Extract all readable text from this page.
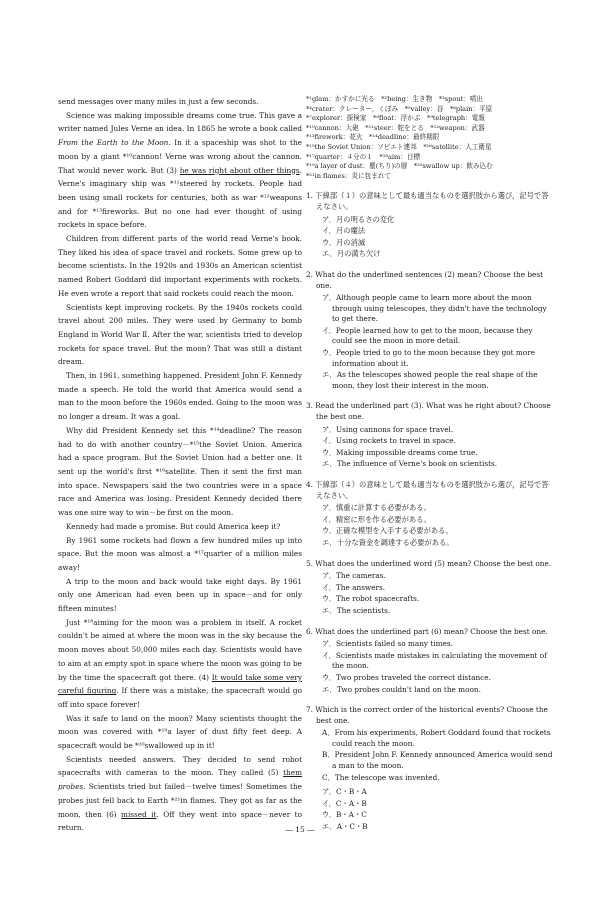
send messages over many miles in just a few seconds.

Science was making impossible dreams come true. This gave a writer named Jules Verne an idea. In 1865 he wrote a book called From the Earth to the Moon. In it a spaceship was shot to the moon by a giant *¹⁰cannon! Verne was wrong about the cannon. That would never work. But (3) he was right about other things. Verne's imaginary ship was *¹¹steered by rockets. People had been using small rockets for centuries, both as war *¹²weapons and for *¹³fireworks. But no one had ever thought of using rockets in space before.

Children from different parts of the world read Verne's book. They liked his idea of space travel and rockets. Some grew up to become scientists. In the 1920s and 1930s an American scientist named Robert Goddard did important experiments with rockets. He even wrote a report that said rockets could reach the moon.

Scientists kept improving rockets. By the 1940s rockets could travel about 200 miles. They were used by Germany to bomb England in World War Ⅱ. After the war, scientists tried to develop rockets for space travel. But the moon? That was still a distant dream.

Then, in 1961, something happened. President John F. Kennedy made a speech. He told the world that America would send a man to the moon before the 1960s ended. Going to the moon was no longer a dream. It was a goal.

Why did President Kennedy set this *¹⁴deadline? The reason had to do with another country－*¹⁵the Soviet Union. America had a space program. But the Soviet Union had a better one. It sent up the world's first *¹⁶satellite. Then it sent the first man into space. Newspapers said the two countries were in a space race and America was losing. President Kennedy decided there was one sure way to win－be first on the moon.

Kennedy had made a promise. But could America keep it?

By 1961 some rockets had flown a few hundred miles up into space. But the moon was almost a *¹⁷quarter of a million miles away!

A trip to the moon and back would take eight days. By 1961 only one American had even been up in space－and for only fifteen minutes!

Just *¹⁸aiming for the moon was a problem in itself. A rocket couldn't be aimed at where the moon was in the sky because the moon moves about 50,000 miles each day. Scientists would have to aim at an empty spot in space where the moon was going to be by the time the spacecraft got there. (4) It would take some very careful figuring. If there was a mistake, the spacecraft would go off into space forever!

Was it safe to land on the moon? Many scientists thought the moon was covered with *¹⁹a layer of dust fifty feet deep. A spacecraft would be *²⁰swallowed up in it!

Scientists needed answers. They decided to send robot spacecrafts with cameras to the moon. They called (5) them probes. Scientists tried but failed－twelve times! Sometimes the probes just fell back to Earth *²¹in flames. They got as far as the moon, then (6) missed it. Off they went into space－never to return.

*¹glam：かすかに光る　*²being：生き物　*³spout：噴出
*⁴crater：クレーター，くぼみ　*⁵valley：谷　*⁶plain：平原
*⁷explorer：探検家　*⁸float：浮かぶ　*⁹telegraph：電報
*¹⁰cannon：大砲　*¹¹steer：舵をとる　*¹²weapon：武器
*¹³firework：花火　*¹⁴deadline：最終期限
*¹⁵the Soviet Union：ソビエト連邦　*¹⁶satellite：人工衛星
*¹⁷quarter：４分の１　*¹⁸aim：目標
*¹⁹a layer of dust：塵(ちり)の層　*²⁰swallow up：飲み込む
*²¹in flames：炎に包まれて
1. 下線部（１）の意味として最も適当なものを選択肢から選び，記号で答えなさい。
ア．月の明るさの変化
イ．月の魔法
ウ．月の消滅
エ．月の満ち欠け
2. What do the underlined sentences (2) mean? Choose the best one.
ア．Although people came to learn more about the moon through using telescopes, they didn't have the technology to get there.
イ．People learned how to get to the moon, because they could see the moon in more detail.
ウ．People tried to go to the moon because they got more information about it.
エ．As the telescopes showed people the real shape of the moon, they lost their interest in the moon.
3. Read the underlined part (3). What was he right about? Choose the best one.
ア．Using cannons for space travel.
イ．Using rockets to travel in space.
ウ．Making impossible dreams come true.
エ．The influence of Verne's book on scientists.
4. 下線部（４）の意味として最も適当なものを選択肢から選び，記号で答えなさい。
ア．慎重に計算する必要がある。
イ．精密に形を作る必要がある。
ウ．正確な模型を入手する必要がある。
エ．十分な資金を調達する必要がある。
5. What does the underlined word (5) mean? Choose the best one.
ア．The cameras.
イ．The answers.
ウ．The robot spacecrafts.
エ．The scientists.
6. What does the underlined part (6) mean? Choose the best one.
ア．Scientists failed so many times.
イ．Scientists made mistakes in calculating the movement of the moon.
ウ．Two probes traveled the correct distance.
エ．Two probes couldn't land on the moon.
7. Which is the correct order of the historical events? Choose the best one.
A．From his experiments, Robert Goddard found that rockets could reach the moon.
B．President John F. Kennedy announced America would send a man to the moon.
C．The telescope was invented.
ア．C・B・A
イ．C・A・B
ウ．B・A・C
エ．A・C・B
― 15 ―
